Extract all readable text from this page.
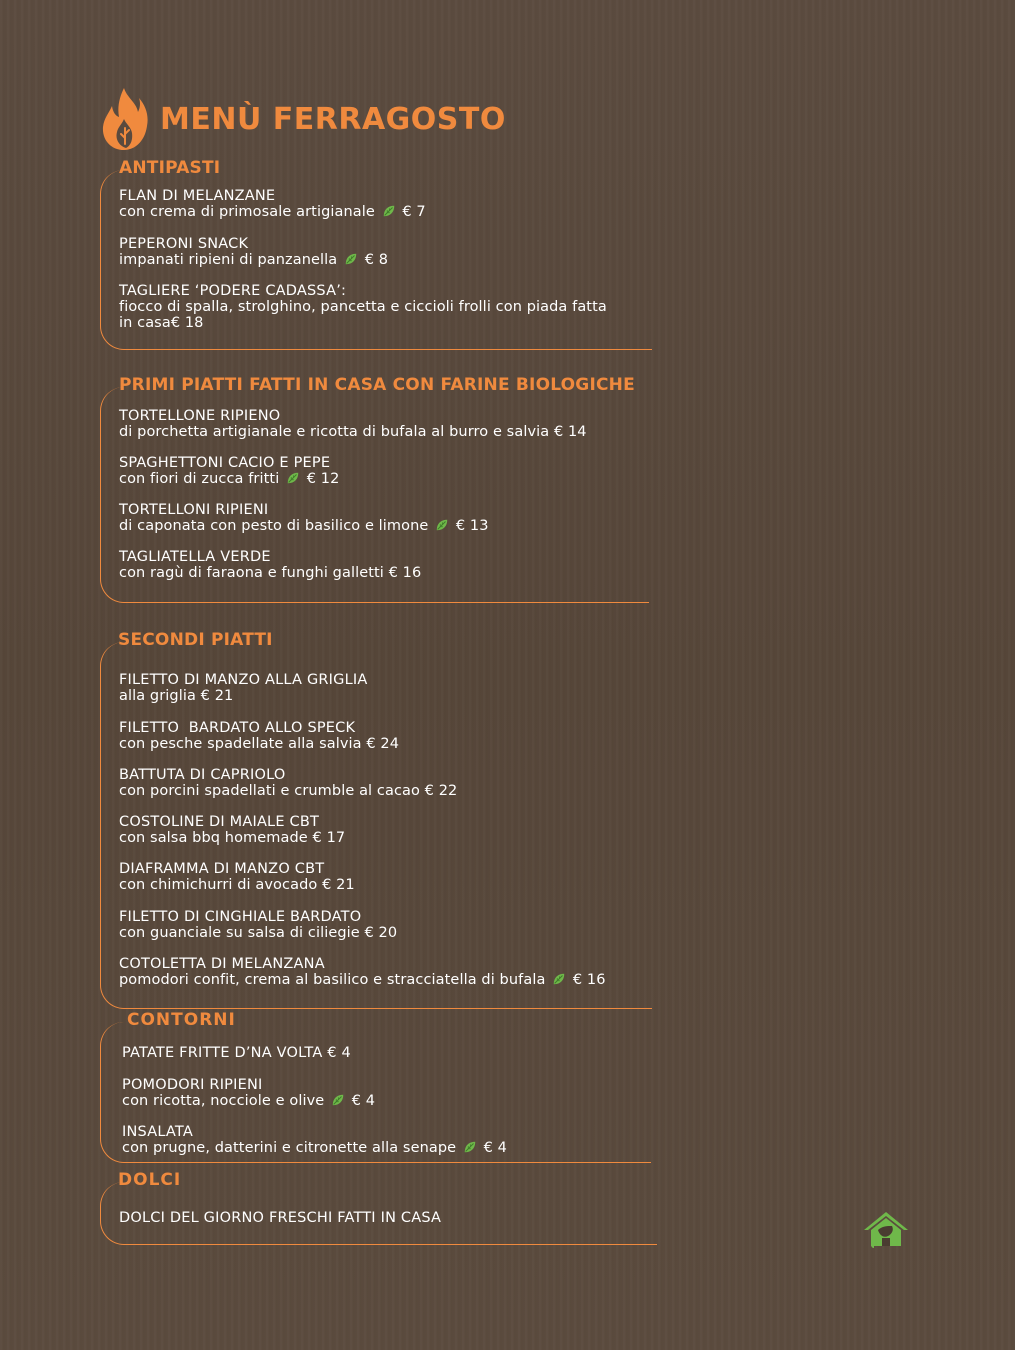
MENÙ FERRAGOSTO
ANTIPASTI
FLAN DI MELANZANE
con crema di primosale artigianale € 7
PEPERONI SNACK
impanati ripieni di panzanella € 8
TAGLIERE ‘PODERE CADASSA’:
fiocco di spalla, strolghino, pancetta e ciccioli frolli con piada fatta
in casa€ 18
PRIMI PIATTI FATTI IN CASA CON FARINE BIOLOGICHE
TORTELLONE RIPIENO
di porchetta artigianale e ricotta di bufala al burro e salvia € 14
SPAGHETTONI CACIO E PEPE
con fiori di zucca fritti € 12
TORTELLONI RIPIENI
di caponata con pesto di basilico e limone € 13
TAGLIATELLA VERDE
con ragù di faraona e funghi galletti € 16
SECONDI PIATTI
FILETTO DI MANZO ALLA GRIGLIA
alla griglia € 21
FILETTO  BARDATO ALLO SPECK
con pesche spadellate alla salvia € 24
BATTUTA DI CAPRIOLO
con porcini spadellati e crumble al cacao € 22
COSTOLINE DI MAIALE CBT
con salsa bbq homemade € 17
DIAFRAMMA DI MANZO CBT
con chimichurri di avocado € 21
FILETTO DI CINGHIALE BARDATO
con guanciale su salsa di ciliegie € 20
COTOLETTA DI MELANZANA
pomodori confit, crema al basilico e stracciatella di bufala € 16
CONTORNI
PATATE FRITTE D’NA VOLTA € 4
POMODORI RIPIENI
con ricotta, nocciole e olive € 4
INSALATA
con prugne, datterini e citronette alla senape € 4
DOLCI
DOLCI DEL GIORNO FRESCHI FATTI IN CASA
